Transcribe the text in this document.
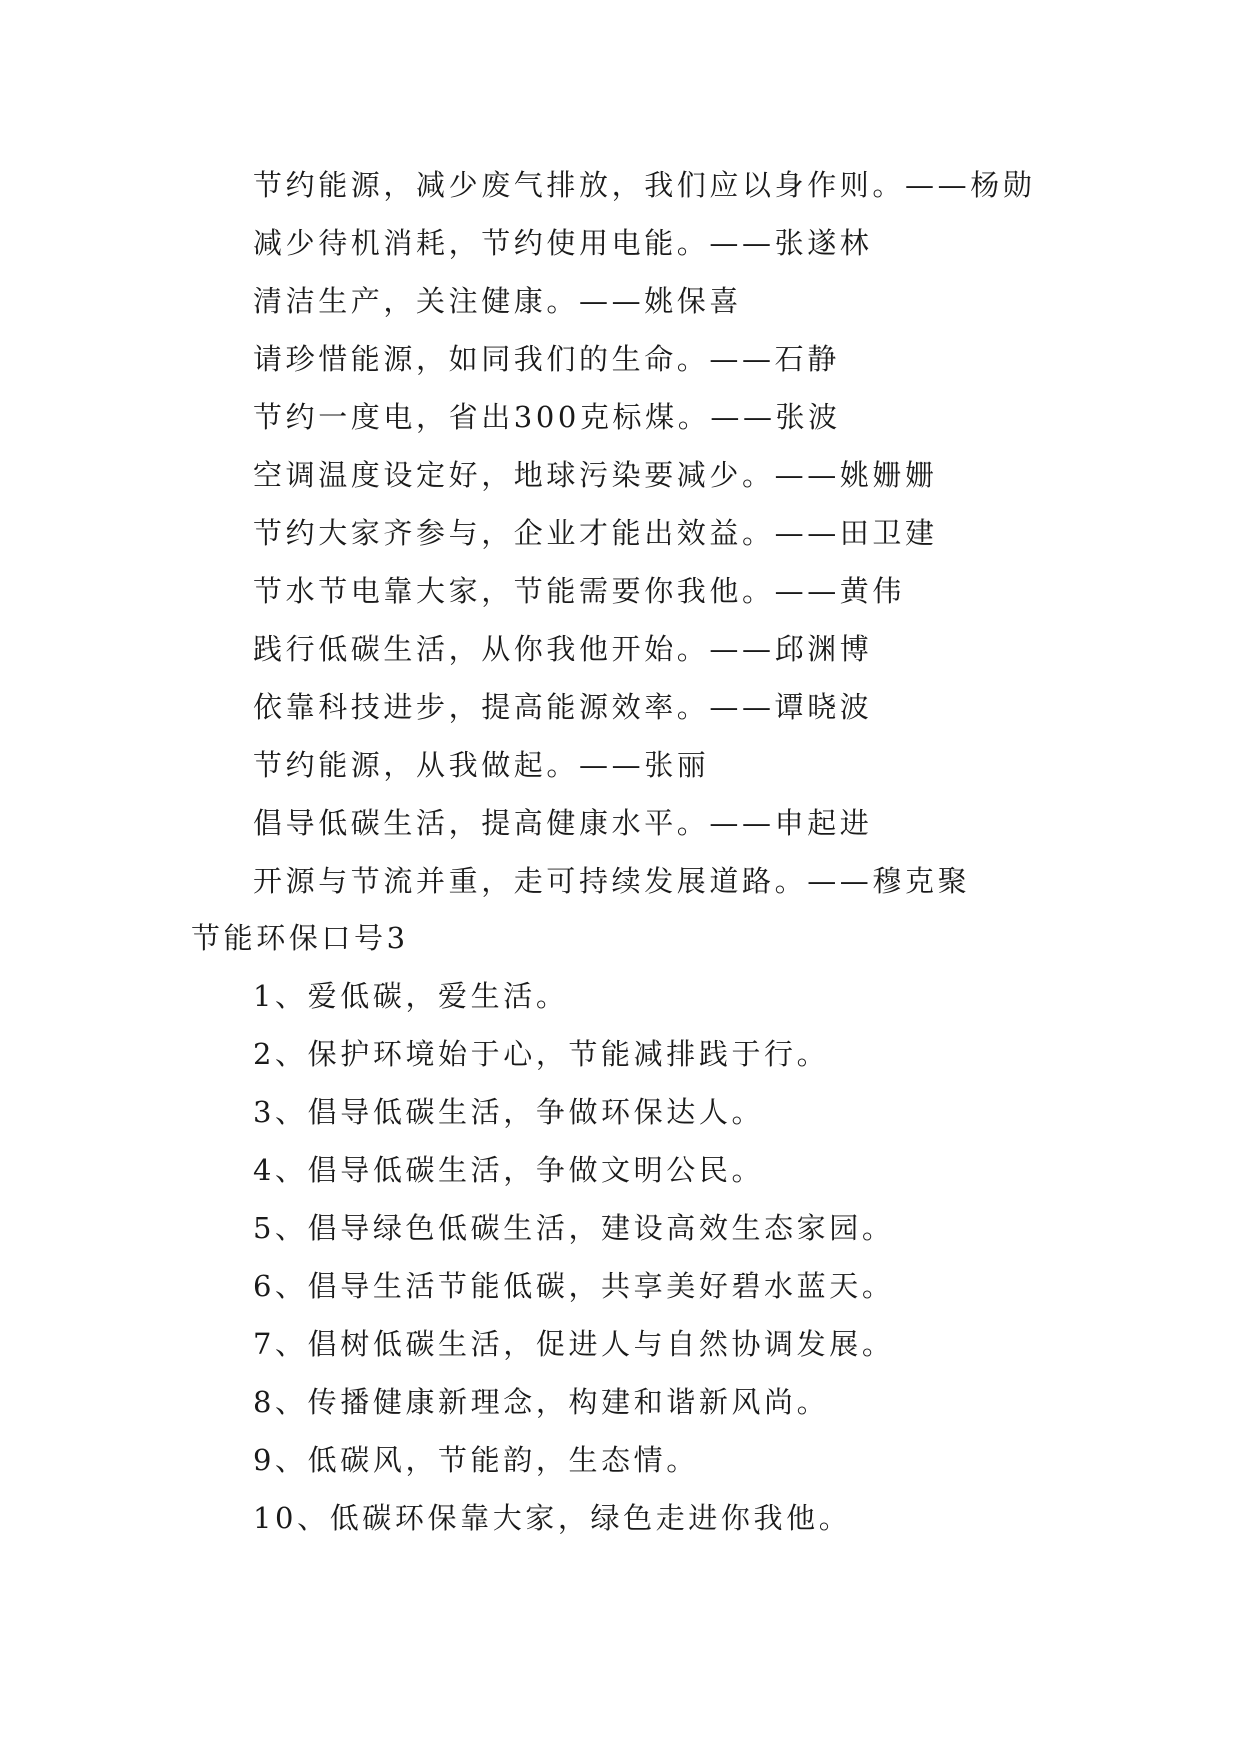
节约能源，减少废气排放，我们应以身作则。——杨勋
减少待机消耗，节约使用电能。——张遂林
清洁生产，关注健康。——姚保喜
请珍惜能源，如同我们的生命。——石静
节约一度电，省出300克标煤。——张波
空调温度设定好，地球污染要减少。——姚姗姗
节约大家齐参与，企业才能出效益。——田卫建
节水节电靠大家，节能需要你我他。——黄伟
践行低碳生活，从你我他开始。——邱渊博
依靠科技进步，提高能源效率。——谭晓波
节约能源，从我做起。——张丽
倡导低碳生活，提高健康水平。——申起进
开源与节流并重，走可持续发展道路。——穆克聚
节能环保口号3
1、爱低碳，爱生活。
2、保护环境始于心，节能减排践于行。
3、倡导低碳生活，争做环保达人。
4、倡导低碳生活，争做文明公民。
5、倡导绿色低碳生活，建设高效生态家园。
6、倡导生活节能低碳，共享美好碧水蓝天。
7、倡树低碳生活，促进人与自然协调发展。
8、传播健康新理念，构建和谐新风尚。
9、低碳风，节能韵，生态情。
10、低碳环保靠大家，绿色走进你我他。
